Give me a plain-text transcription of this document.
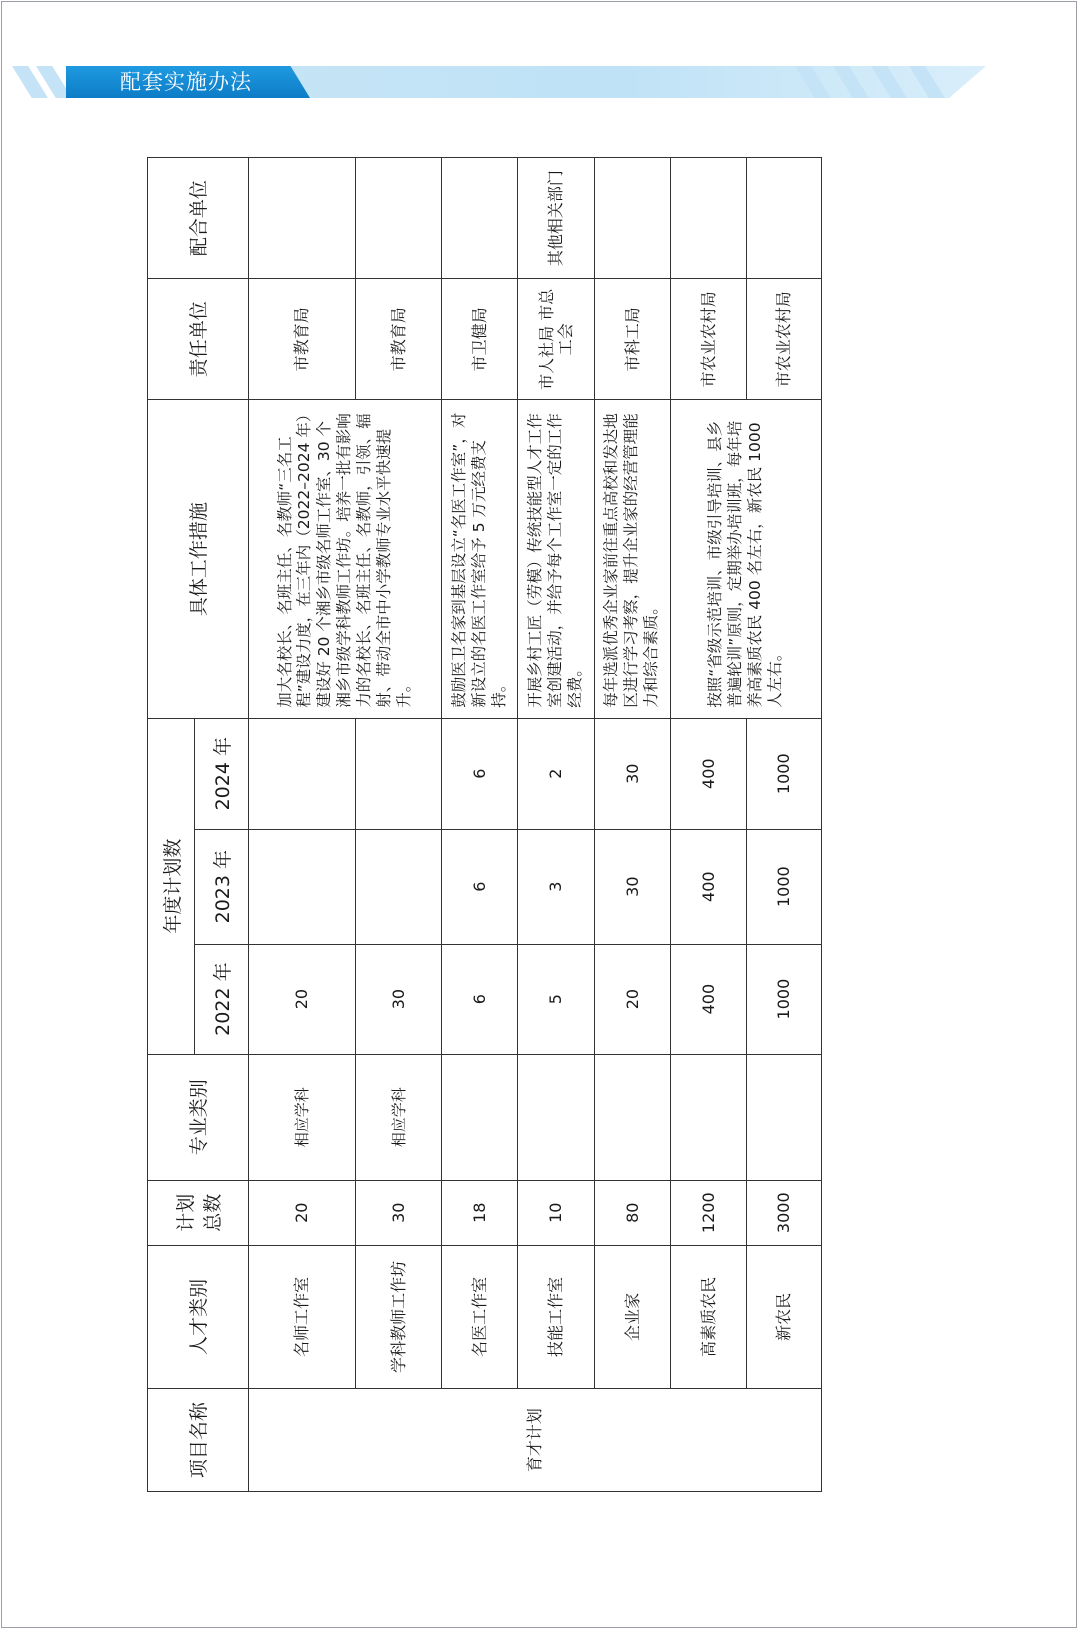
配套实施办法
项目名称	人才类别	计划总数	专业类别	年度计划数			具体工作措施	责任单位	配合单位
				2022 年	2023 年	2024 年			
育才计划	名师工作室	20	相应学科	20			加大名校长、名班主任、名教师“三名工程”建设力度，在三年内（2022–2024 年）建设好 20 个湘乡市级名师工作室、30 个湘乡市级学科教师工作坊。培养一批有影响力的名校长、名班主任、名教师，引领、辐射、带动全市中小学教师专业水平快速提升。	市教育局	
	学科教师工作坊	30	相应学科	30				市教育局	
	名医工作室	18		6	6	6	鼓励医卫名家到基层设立“名医工作室”，对新设立的名医工作室给予 5 万元经费支持。	市卫健局	
	技能工作室	10		5	3	2	开展乡村工匠（劳模）传统技能型人才工作室创建活动，并给予每个工作室一定的工作经费。	市人社局 市总工会	其他相关部门
	企业家	80		20	30	30	每年选派优秀企业家前往重点高校和发达地区进行学习考察，提升企业家的经营管理能力和综合素质。	市科工局	
	高素质农民	1200		400	400	400	按照“省级示范培训、市级引导培训、县乡普遍轮训”原则，定期举办培训班，每年培养高素质农民 400 名左右，新农民 1000 人左右。	市农业农村局	
	新农民	3000		1000	1000	1000		市农业农村局	
